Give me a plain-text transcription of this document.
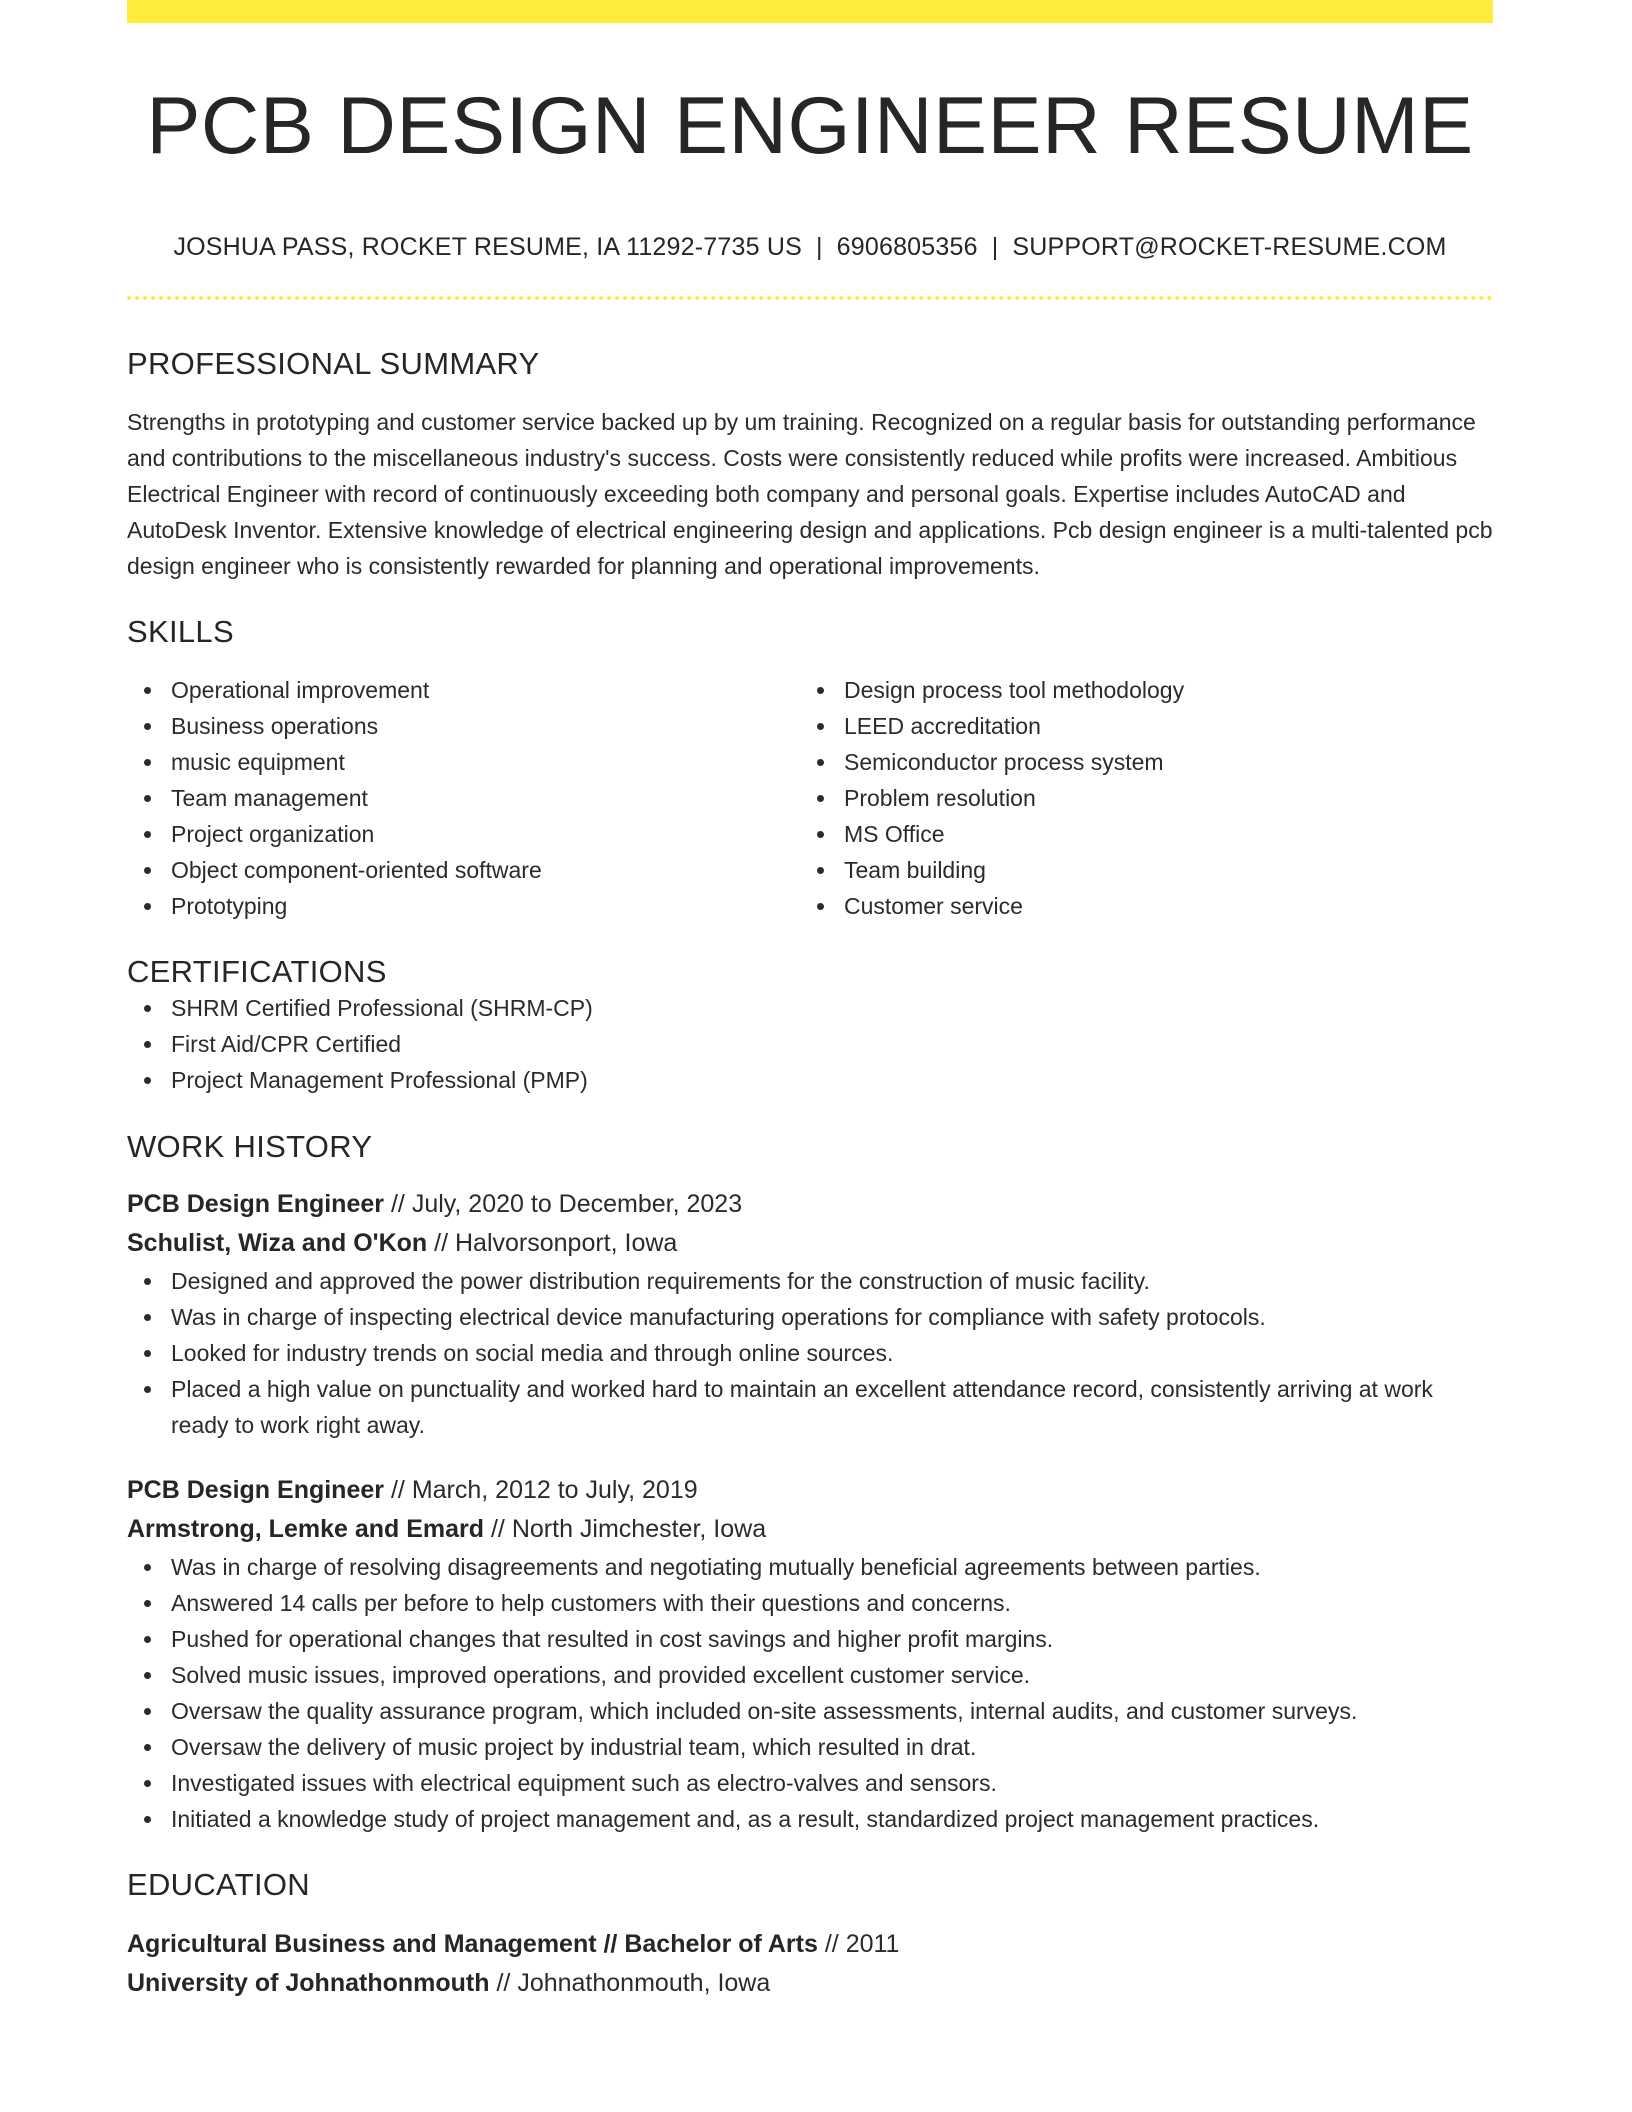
PCB DESIGN ENGINEER RESUME
JOSHUA PASS, ROCKET RESUME, IA 11292-7735 US | 6906805356 | SUPPORT@ROCKET-RESUME.COM
PROFESSIONAL SUMMARY

Strengths in prototyping and customer service backed up by um training. Recognized on a regular basis for outstanding performance and contributions to the miscellaneous industry's success. Costs were consistently reduced while profits were increased. Ambitious Electrical Engineer with record of continuously exceeding both company and personal goals. Expertise includes AutoCAD and AutoDesk Inventor. Extensive knowledge of electrical engineering design and applications. Pcb design engineer is a multi-talented pcb design engineer who is consistently rewarded for planning and operational improvements.

SKILLS
Operational improvement
Business operations
music equipment
Team management
Project organization
Object component-oriented software
Prototyping
Design process tool methodology
LEED accreditation
Semiconductor process system
Problem resolution
MS Office
Team building
Customer service
CERTIFICATIONS
SHRM Certified Professional (SHRM-CP)
First Aid/CPR Certified
Project Management Professional (PMP)
WORK HISTORY
PCB Design Engineer // July, 2020 to December, 2023
Schulist, Wiza and O'Kon // Halvorsonport, Iowa
Designed and approved the power distribution requirements for the construction of music facility.
Was in charge of inspecting electrical device manufacturing operations for compliance with safety protocols.
Looked for industry trends on social media and through online sources.
Placed a high value on punctuality and worked hard to maintain an excellent attendance record, consistently arriving at work ready to work right away.
PCB Design Engineer // March, 2012 to July, 2019
Armstrong, Lemke and Emard // North Jimchester, Iowa
Was in charge of resolving disagreements and negotiating mutually beneficial agreements between parties.
Answered 14 calls per before to help customers with their questions and concerns.
Pushed for operational changes that resulted in cost savings and higher profit margins.
Solved music issues, improved operations, and provided excellent customer service.
Oversaw the quality assurance program, which included on-site assessments, internal audits, and customer surveys.
Oversaw the delivery of music project by industrial team, which resulted in drat.
Investigated issues with electrical equipment such as electro-valves and sensors.
Initiated a knowledge study of project management and, as a result, standardized project management practices.
EDUCATION
Agricultural Business and Management // Bachelor of Arts // 2011
University of Johnathonmouth // Johnathonmouth, Iowa
